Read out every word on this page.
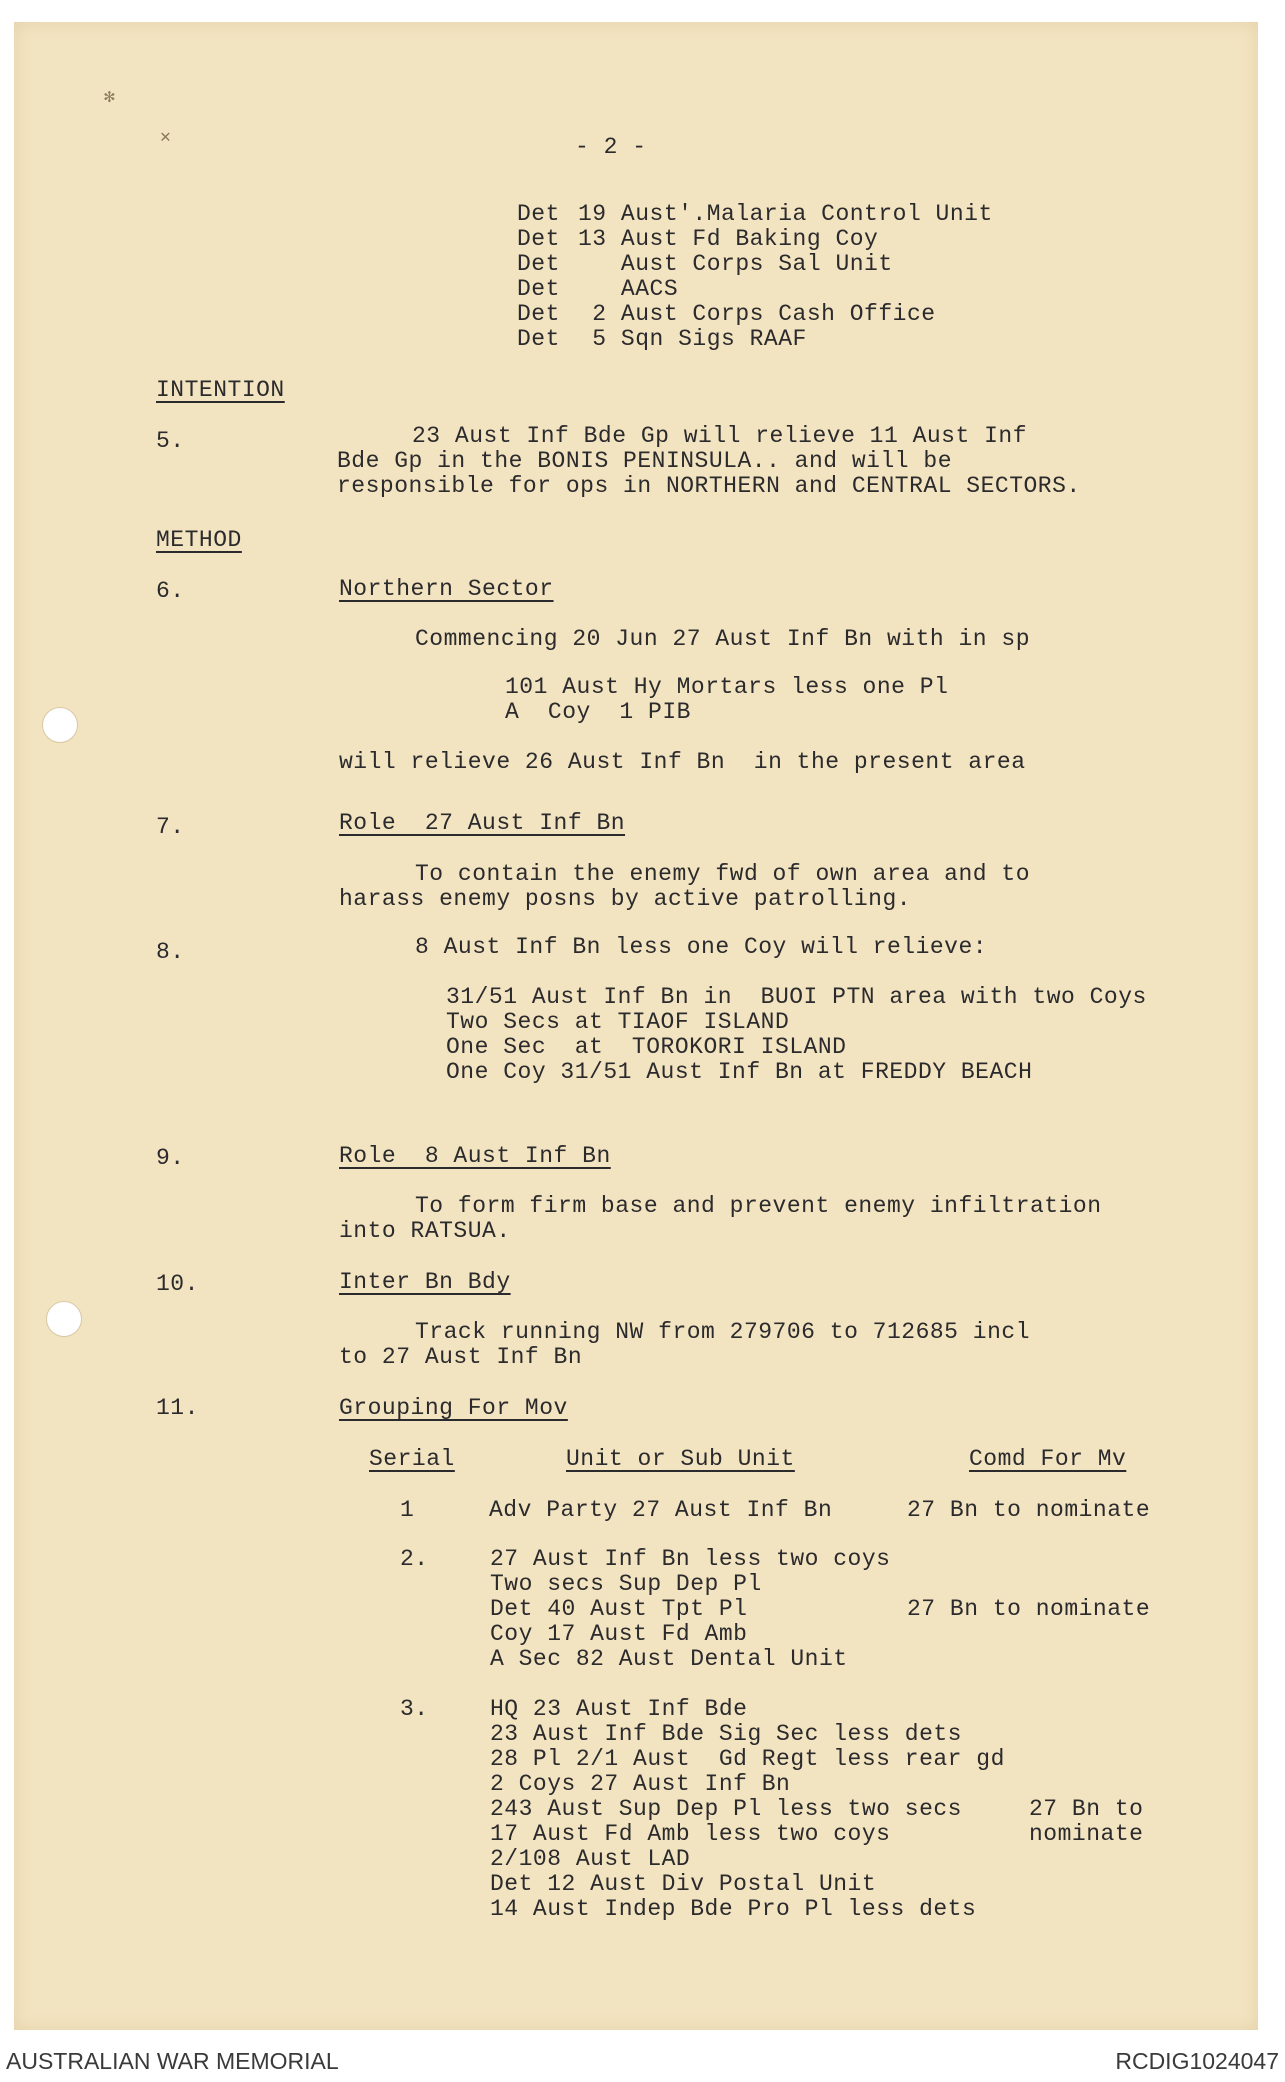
✻
✕	- 2 -
Det 19 Aust'.Malaria Control Unit
Det 13 Aust Fd Baking Coy
Det Aust Corps Sal Unit
Det AACS
Det 2 Aust Corps Cash Office
Det 5 Sqn Sigs RAAF
INTENTION
5.	23 Aust Inf Bde Gp will relieve 11 Aust Inf
Bde Gp in the BONIS PENINSULA.. and will be
responsible for ops in NORTHERN and CENTRAL SECTORS.
METHOD
6.	Northern Sector
Commencing 20 Jun 27 Aust Inf Bn with in sp
101 Aust Hy Mortars less one Pl
A  Coy  1 PIB
will relieve 26 Aust Inf Bn  in the present area
7.	Role  27 Aust Inf Bn
To contain the enemy fwd of own area and to
harass enemy posns by active patrolling.
8.	8 Aust Inf Bn less one Coy will relieve:
31/51 Aust Inf Bn in  BUOI PTN area with two Coys
Two Secs at TIAOF ISLAND
One Sec  at  TOROKORI ISLAND
One Coy 31/51 Aust Inf Bn at FREDDY BEACH
9.	Role  8 Aust Inf Bn
To form firm base and prevent enemy infiltration
into RATSUA.
10.	Inter Bn Bdy
Track running NW from 279706 to 712685 incl
to 27 Aust Inf Bn
11.	Grouping For Mov
Serial	Unit or Sub Unit	Comd For Mv
1	Adv Party 27 Aust Inf Bn	27 Bn to nominate
2.	27 Aust Inf Bn less two coys
Two secs Sup Dep Pl
Det 40 Aust Tpt Pl
Coy 17 Aust Fd Amb
A Sec 82 Aust Dental Unit
27 Bn to nominate
3.	HQ 23 Aust Inf Bde
23 Aust Inf Bde Sig Sec less dets
28 Pl 2/1 Aust  Gd Regt less rear gd
2 Coys 27 Aust Inf Bn
243 Aust Sup Dep Pl less two secs
17 Aust Fd Amb less two coys
2/108 Aust LAD
Det 12 Aust Div Postal Unit
14 Aust Indep Bde Pro Pl less dets
27 Bn to
nominate
AUSTRALIAN WAR MEMORIAL	RCDIG1024047
